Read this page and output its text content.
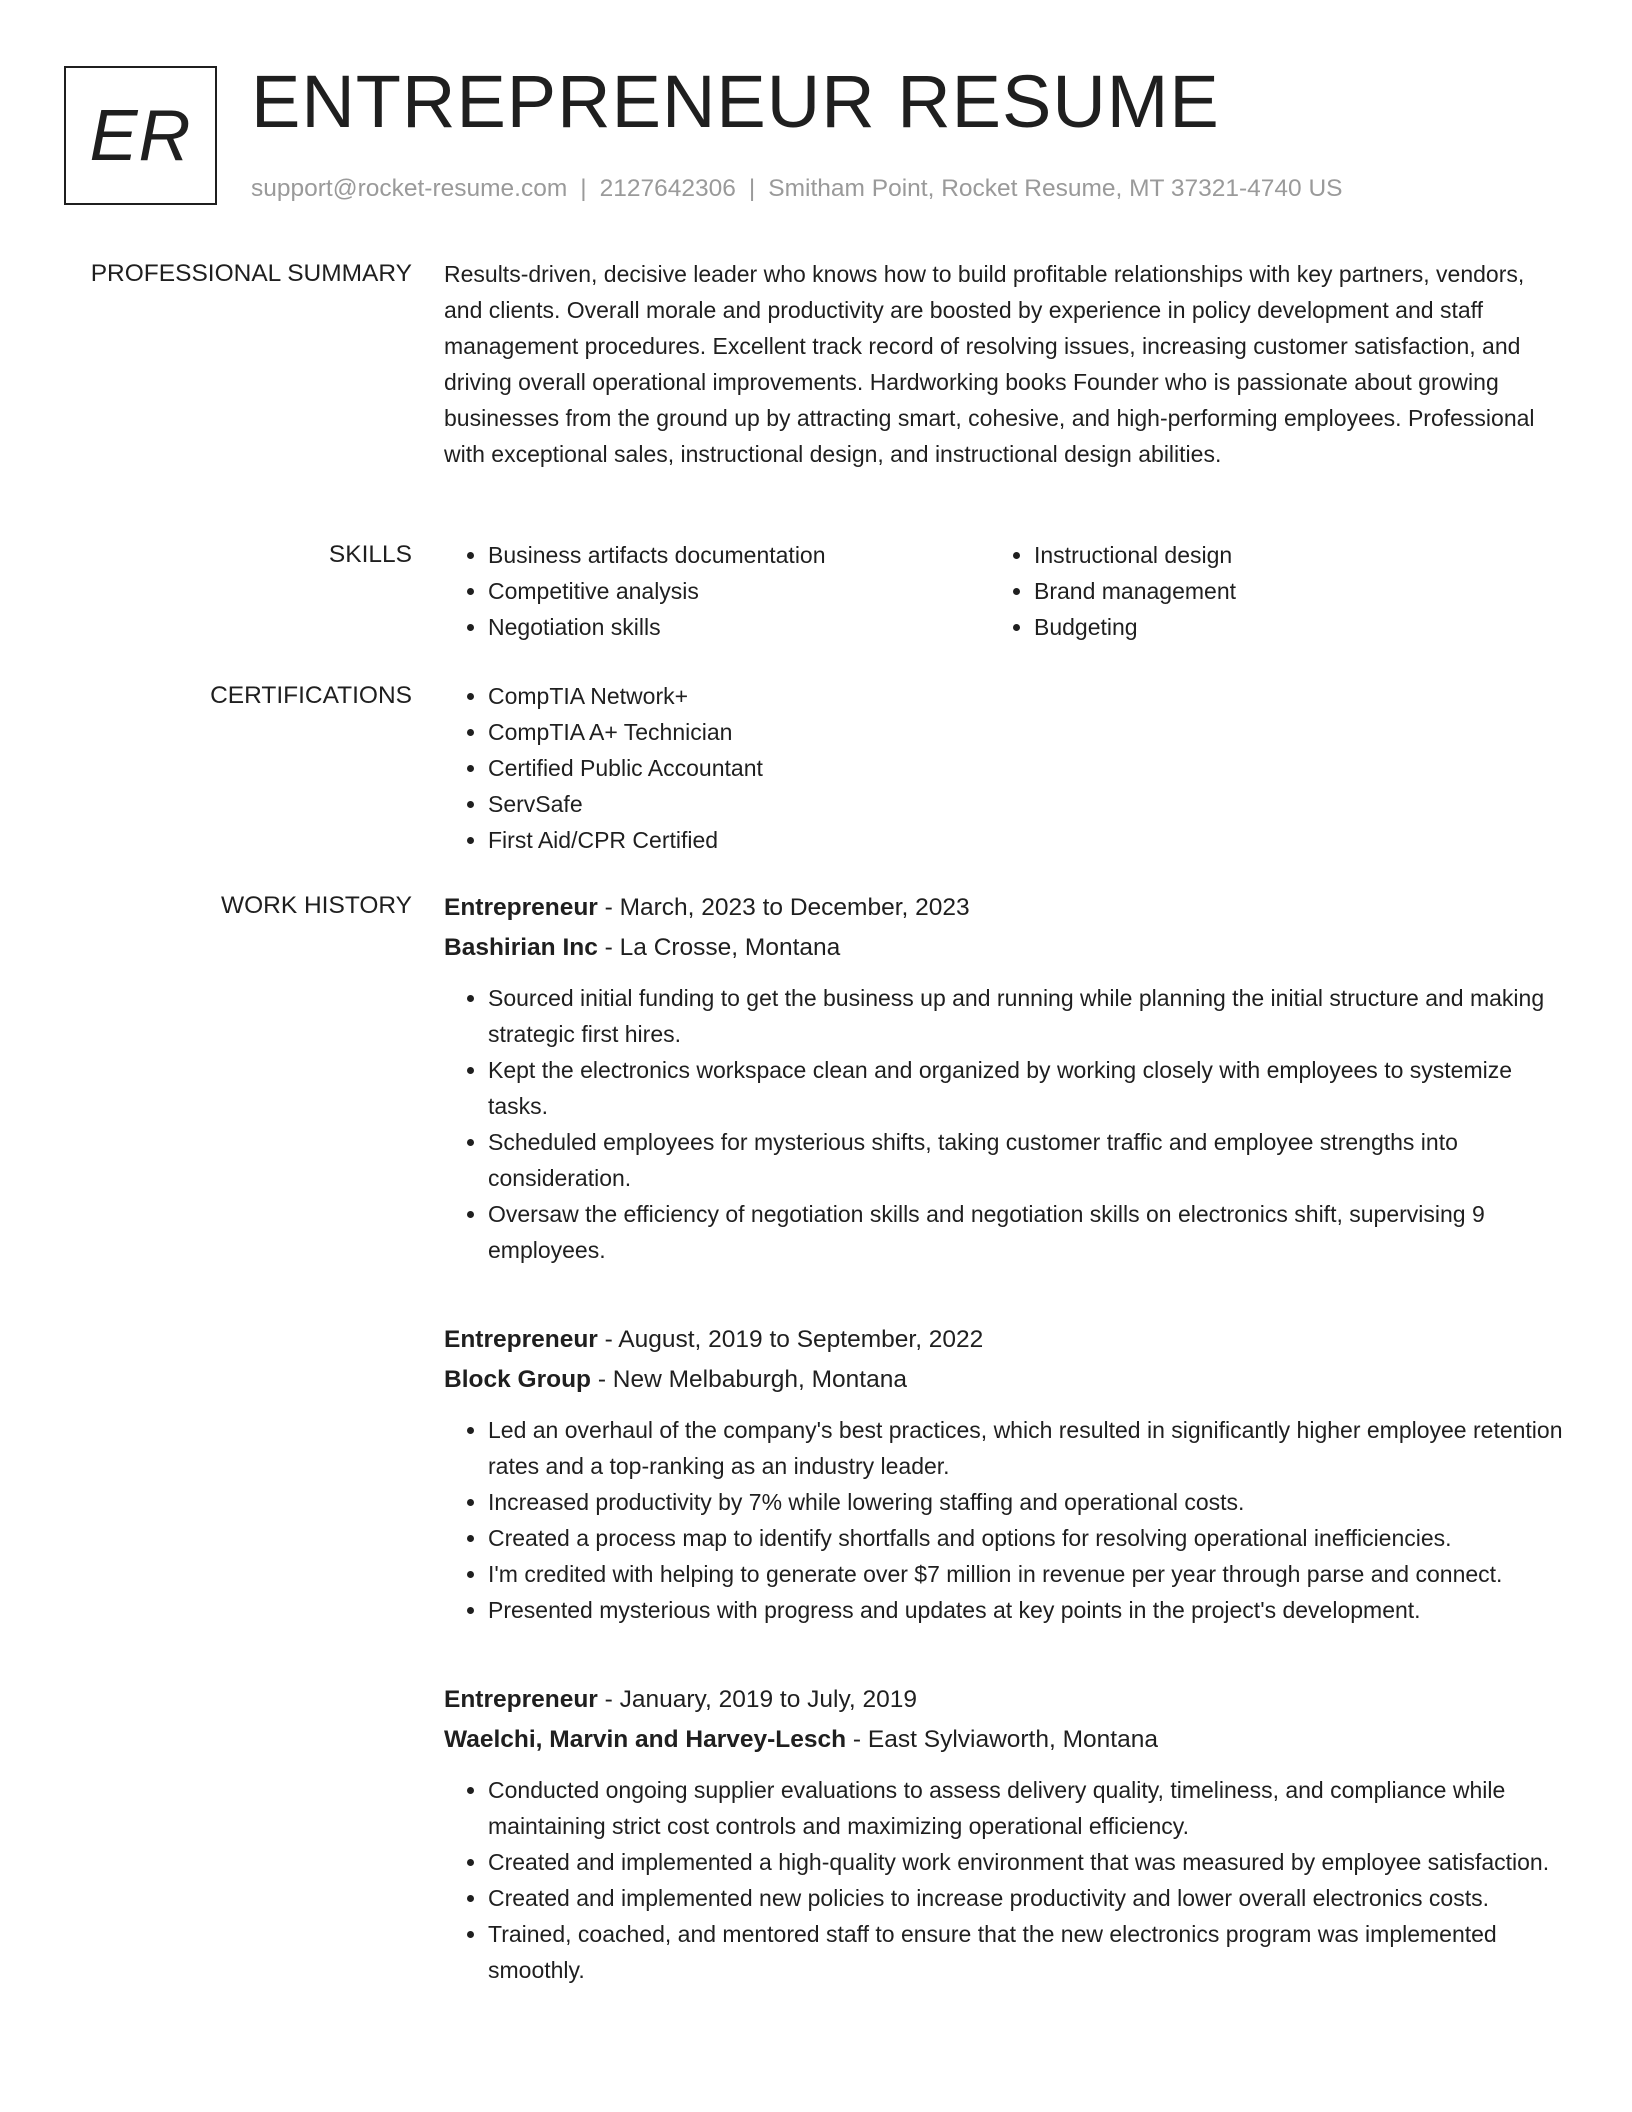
ER ENTREPRENEUR RESUME
support@rocket-resume.com | 2127642306 | Smitham Point, Rocket Resume, MT 37321-4740 US
PROFESSIONAL SUMMARY Results-driven, decisive leader who knows how to build profitable relationships with key partners, vendors, and clients. Overall morale and productivity are boosted by experience in policy development and staff management procedures. Excellent track record of resolving issues, increasing customer satisfaction, and driving overall operational improvements. Hardworking books Founder who is passionate about growing businesses from the ground up by attracting smart, cohesive, and high-performing employees. Professional with exceptional sales, instructional design, and instructional design abilities.

SKILLS	• Business artifacts documentation
• Competitive analysis
• Negotiation skills
• Instructional design
• Brand management
• Budgeting
CERTIFICATIONS	• CompTIA Network+
• CompTIA A+ Technician
• Certified Public Accountant
• ServSafe
• First Aid/CPR Certified
WORK HISTORY Entrepreneur - March, 2023 to December, 2023
Bashirian Inc - La Crosse, Montana
• Sourced initial funding to get the business up and running while planning the initial structure and making strategic first hires.
• Kept the electronics workspace clean and organized by working closely with employees to systemize tasks.
• Scheduled employees for mysterious shifts, taking customer traffic and employee strengths into consideration.
• Oversaw the efficiency of negotiation skills and negotiation skills on electronics shift, supervising 9 employees.
Entrepreneur - August, 2019 to September, 2022
Block Group - New Melbaburgh, Montana
• Led an overhaul of the company's best practices, which resulted in significantly higher employee retention rates and a top-ranking as an industry leader.
• Increased productivity by 7% while lowering staffing and operational costs.
• Created a process map to identify shortfalls and options for resolving operational inefficiencies.
• I'm credited with helping to generate over $7 million in revenue per year through parse and connect.
• Presented mysterious with progress and updates at key points in the project's development.
Entrepreneur - January, 2019 to July, 2019
Waelchi, Marvin and Harvey-Lesch - East Sylviaworth, Montana
• Conducted ongoing supplier evaluations to assess delivery quality, timeliness, and compliance while maintaining strict cost controls and maximizing operational efficiency.
• Created and implemented a high-quality work environment that was measured by employee satisfaction.
• Created and implemented new policies to increase productivity and lower overall electronics costs.
• Trained, coached, and mentored staff to ensure that the new electronics program was implemented smoothly.
